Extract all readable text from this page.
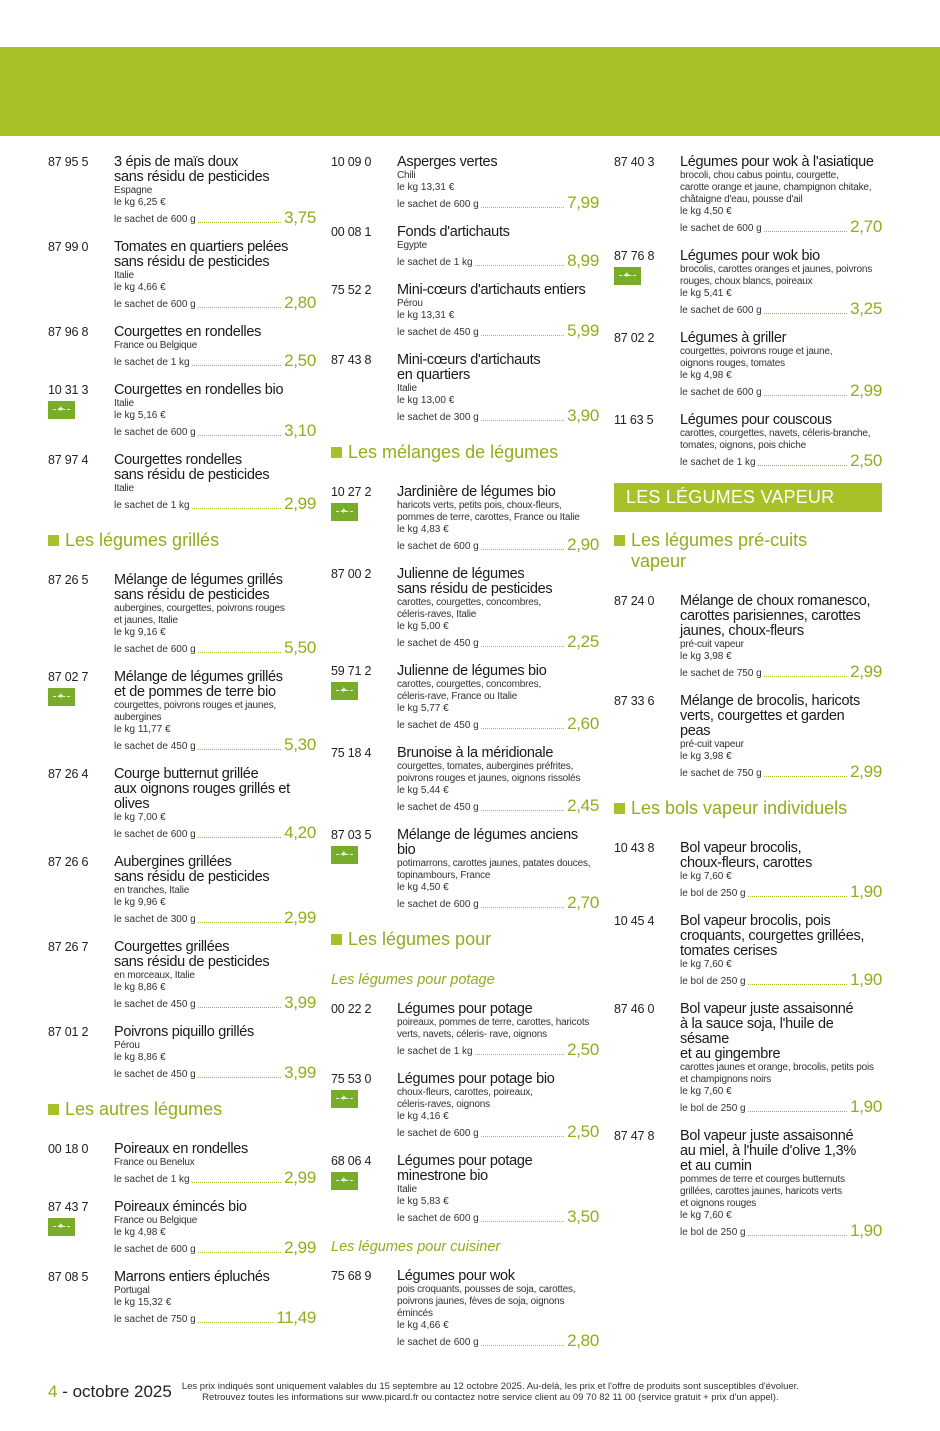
87 95 5	3 épis de maïs doux
sans résidu de pesticides
Espagne
le kg 6,25 €
le sachet de 600 g	3,75
87 99 0	Tomates en quartiers pelées
sans résidu de pesticides
Italie
le kg 4,66 €
le sachet de 600 g	2,80
87 96 8	Courgettes en rondelles
France ou Belgique
le sachet de 1 kg	2,50
10 31 3
✦	Courgettes en rondelles bio
Italie
le kg 5,16 €
le sachet de 600 g	3,10
87 97 4	Courgettes rondelles
sans résidu de pesticides
Italie
le sachet de 1 kg	2,99
Les légumes grillés
87 26 5	Mélange de légumes grillés
sans résidu de pesticides
aubergines, courgettes, poivrons rouges
et jaunes, Italie
le kg 9,16 €
le sachet de 600 g	5,50
87 02 7
✦	Mélange de légumes grillés
et de pommes de terre bio
courgettes, poivrons rouges et jaunes,
aubergines
le kg 11,77 €
le sachet de 450 g	5,30
87 26 4	Courge butternut grillée
aux oignons rouges grillés et olives
le kg 7,00 €
le sachet de 600 g	4,20
87 26 6	Aubergines grillées
sans résidu de pesticides
en tranches, Italie
le kg 9,96 €
le sachet de 300 g	2,99
87 26 7	Courgettes grillées
sans résidu de pesticides
en morceaux, Italie
le kg 8,86 €
le sachet de 450 g	3,99
87 01 2	Poivrons piquillo grillés
Pérou
le kg 8,86 €
le sachet de 450 g	3,99
Les autres légumes
00 18 0	Poireaux en rondelles
France ou Benelux
le sachet de 1 kg	2,99
87 43 7
✦	Poireaux émincés bio
France ou Belgique
le kg 4,98 €
le sachet de 600 g	2,99
87 08 5	Marrons entiers épluchés
Portugal
le kg 15,32 €
le sachet de 750 g	11,49
10 09 0	Asperges vertes
Chili
le kg 13,31 €
le sachet de 600 g	7,99
00 08 1	Fonds d'artichauts
Egypte
le sachet de 1 kg	8,99
75 52 2	Mini-cœurs d'artichauts entiers
Pérou
le kg 13,31 €
le sachet de 450 g	5,99
87 43 8	Mini-cœurs d'artichauts
en quartiers
Italie
le kg 13,00 €
le sachet de 300 g	3,90
Les mélanges de légumes
10 27 2
✦	Jardinière de légumes bio
haricots verts, petits pois, choux-fleurs,
pommes de terre, carottes, France ou Italie
le kg 4,83 €
le sachet de 600 g	2,90
87 00 2	Julienne de légumes
sans résidu de pesticides
carottes, courgettes, concombres,
céleris-raves, Italie
le kg 5,00 €
le sachet de 450 g	2,25
59 71 2
✦	Julienne de légumes bio
carottes, courgettes, concombres,
céleris-rave, France ou Italie
le kg 5,77 €
le sachet de 450 g	2,60
75 18 4	Brunoise à la méridionale
courgettes, tomates, aubergines préfrites,
poivrons rouges et jaunes, oignons rissolés
le kg 5,44 €
le sachet de 450 g	2,45
87 03 5
✦	Mélange de légumes anciens bio
potimarrons, carottes jaunes, patates douces,
topinambours, France
le kg 4,50 €
le sachet de 600 g	2,70
Les légumes pour
Les légumes pour potage
00 22 2	Légumes pour potage
poireaux, pommes de terre, carottes, haricots
verts, navets, céleris- rave, oignons
le sachet de 1 kg	2,50
75 53 0
✦	Légumes pour potage bio
choux-fleurs, carottes, poireaux,
céleris-raves, oignons
le kg 4,16 €
le sachet de 600 g	2,50
68 06 4
✦	Légumes pour potage
minestrone bio
Italie
le kg 5,83 €
le sachet de 600 g	3,50
Les légumes pour cuisiner
75 68 9	Légumes pour wok
pois croquants, pousses de soja, carottes,
poivrons jaunes, fèves de soja, oignons
émincés
le kg 4,66 €
le sachet de 600 g	2,80
87 40 3	Légumes pour wok à l'asiatique
brocoli, chou cabus pointu, courgette,
carotte orange et jaune, champignon chitake,
châtaigne d'eau, pousse d'ail
le kg 4,50 €
le sachet de 600 g	2,70
87 76 8
✦	Légumes pour wok bio
brocolis, carottes oranges et jaunes, poivrons
rouges, choux blancs, poireaux
le kg 5,41 €
le sachet de 600 g	3,25
87 02 2	Légumes à griller
courgettes, poivrons rouge et jaune,
oignons rouges, tomates
le kg 4,98 €
le sachet de 600 g	2,99
11 63 5	Légumes pour couscous
carottes, courgettes, navets, céleris-branche,
tomates, oignons, pois chiche
le sachet de 1 kg	2,50
LES LÉGUMES VAPEUR
Les légumes pré-cuits
vapeur
87 24 0	Mélange de choux romanesco,
carottes parisiennes, carottes
jaunes, choux-fleurs
pré-cuit vapeur
le kg 3,98 €
le sachet de 750 g	2,99
87 33 6	Mélange de brocolis, haricots
verts, courgettes et garden
peas
pré-cuit vapeur
le kg 3,98 €
le sachet de 750 g	2,99
Les bols vapeur individuels
10 43 8	Bol vapeur brocolis,
choux-fleurs, carottes
le kg 7,60 €
le bol de 250 g	1,90
10 45 4	Bol vapeur brocolis, pois
croquants, courgettes grillées,
tomates cerises
le kg 7,60 €
le bol de 250 g	1,90
87 46 0	Bol vapeur juste assaisonné
à la sauce soja, l'huile de sésame
et au gingembre
carottes jaunes et orange, brocolis, petits pois
et champignons noirs
le kg 7,60 €
le bol de 250 g	1,90
87 47 8	Bol vapeur juste assaisonné
au miel, à l'huile d'olive 1,3%
et au cumin
pommes de terre et courges butternuts
grillées, carottes jaunes, haricots verts
et oignons rouges
le kg 7,60 €
le bol de 250 g	1,90
4 - octobre 2025 Les prix indiqués sont uniquement valables du 15 septembre au 12 octobre 2025. Au-delà, les prix et l'offre de produits sont susceptibles d'évoluer.
Retrouvez toutes les informations sur www.picard.fr ou contactez notre service client au 09 70 82 11 00 (service gratuit + prix d'un appel).
